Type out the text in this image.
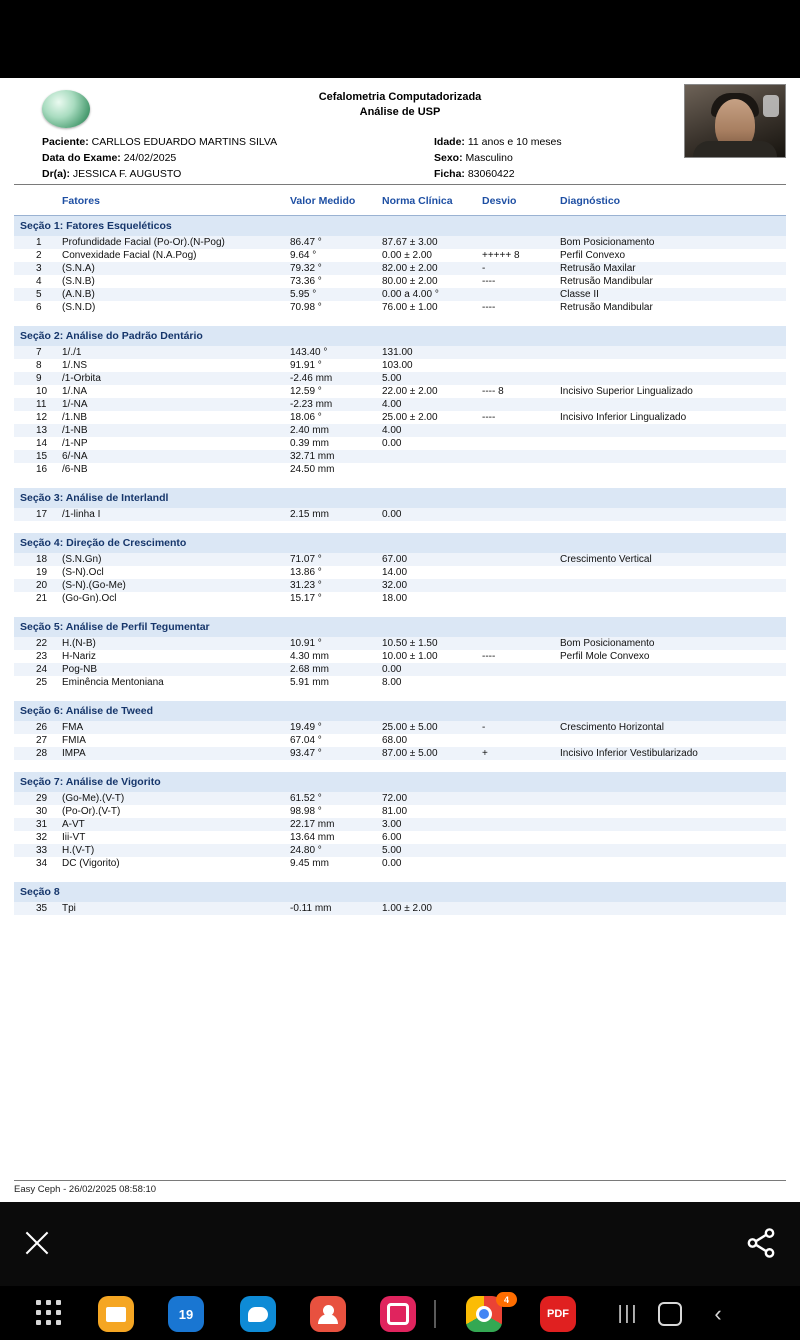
Cefalometria Computadorizada
Análise de USP
Paciente: CARLLOS EDUARDO MARTINS SILVA
Data do Exame: 24/02/2025
Dr(a): JESSICA F. AUGUSTO
Idade: 11 anos e 10 meses
Sexo: Masculino
Ficha: 83060422
	Fatores	Valor Medido	Norma Clínica	Desvio	Diagnóstico
Seção 1: Fatores Esqueléticos					
1	Profundidade Facial (Po-Or).(N-Pog)	86.47 °	87.67 ± 3.00		Bom Posicionamento
2	Convexidade Facial (N.A.Pog)	9.64 °	0.00 ± 2.00	+++++ 8	Perfil Convexo
3	(S.N.A)	79.32 °	82.00 ± 2.00	-	Retrusão Maxilar
4	(S.N.B)	73.36 °	80.00 ± 2.00	----	Retrusão Mandibular
5	(A.N.B)	5.95 °	0.00 a 4.00 °		Classe II
6	(S.N.D)	70.98 °	76.00 ± 1.00	----	Retrusão Mandibular

Seção 2: Análise do Padrão Dentário					
7	1/./1	143.40 °	131.00		
8	1/.NS	91.91 °	103.00		
9	/1-Orbita	-2.46 mm	5.00		
10	1/.NA	12.59 °	22.00 ± 2.00	---- 8	Incisivo Superior Lingualizado
11	1/-NA	-2.23 mm	4.00		
12	/1.NB	18.06 °	25.00 ± 2.00	----	Incisivo Inferior Lingualizado
13	/1-NB	2.40 mm	4.00		
14	/1-NP	0.39 mm	0.00		
15	6/-NA	32.71 mm			
16	/6-NB	24.50 mm			

Seção 3: Análise de Interlandl					
17	/1-linha I	2.15 mm	0.00		

Seção 4: Direção de Crescimento					
18	(S.N.Gn)	71.07 °	67.00		Crescimento Vertical
19	(S-N).Ocl	13.86 °	14.00		
20	(S-N).(Go-Me)	31.23 °	32.00		
21	(Go-Gn).Ocl	15.17 °	18.00		

Seção 5: Análise de Perfil Tegumentar					
22	H.(N-B)	10.91 °	10.50 ± 1.50		Bom Posicionamento
23	H-Nariz	4.30 mm	10.00 ± 1.00	----	Perfil Mole Convexo
24	Pog-NB	2.68 mm	0.00		
25	Eminência Mentoniana	5.91 mm	8.00		

Seção 6: Análise de Tweed					
26	FMA	19.49 °	25.00 ± 5.00	-	Crescimento Horizontal
27	FMIA	67.04 °	68.00		
28	IMPA	93.47 °	87.00 ± 5.00	+	Incisivo Inferior Vestibularizado

Seção 7: Análise de Vigorito					
29	(Go-Me).(V-T)	61.52 °	72.00		
30	(Po-Or).(V-T)	98.98 °	81.00		
31	A-VT	22.17 mm	3.00		
32	Iii-VT	13.64 mm	6.00		
33	H.(V-T)	24.80 °	5.00		
34	DC (Vigorito)	9.45 mm	0.00		

Seção 8					
35	Tpi	-0.11 mm	1.00 ± 2.00		
Easy Ceph - 26/02/2025 08:58:10
19
4
PDF	|||	‹
